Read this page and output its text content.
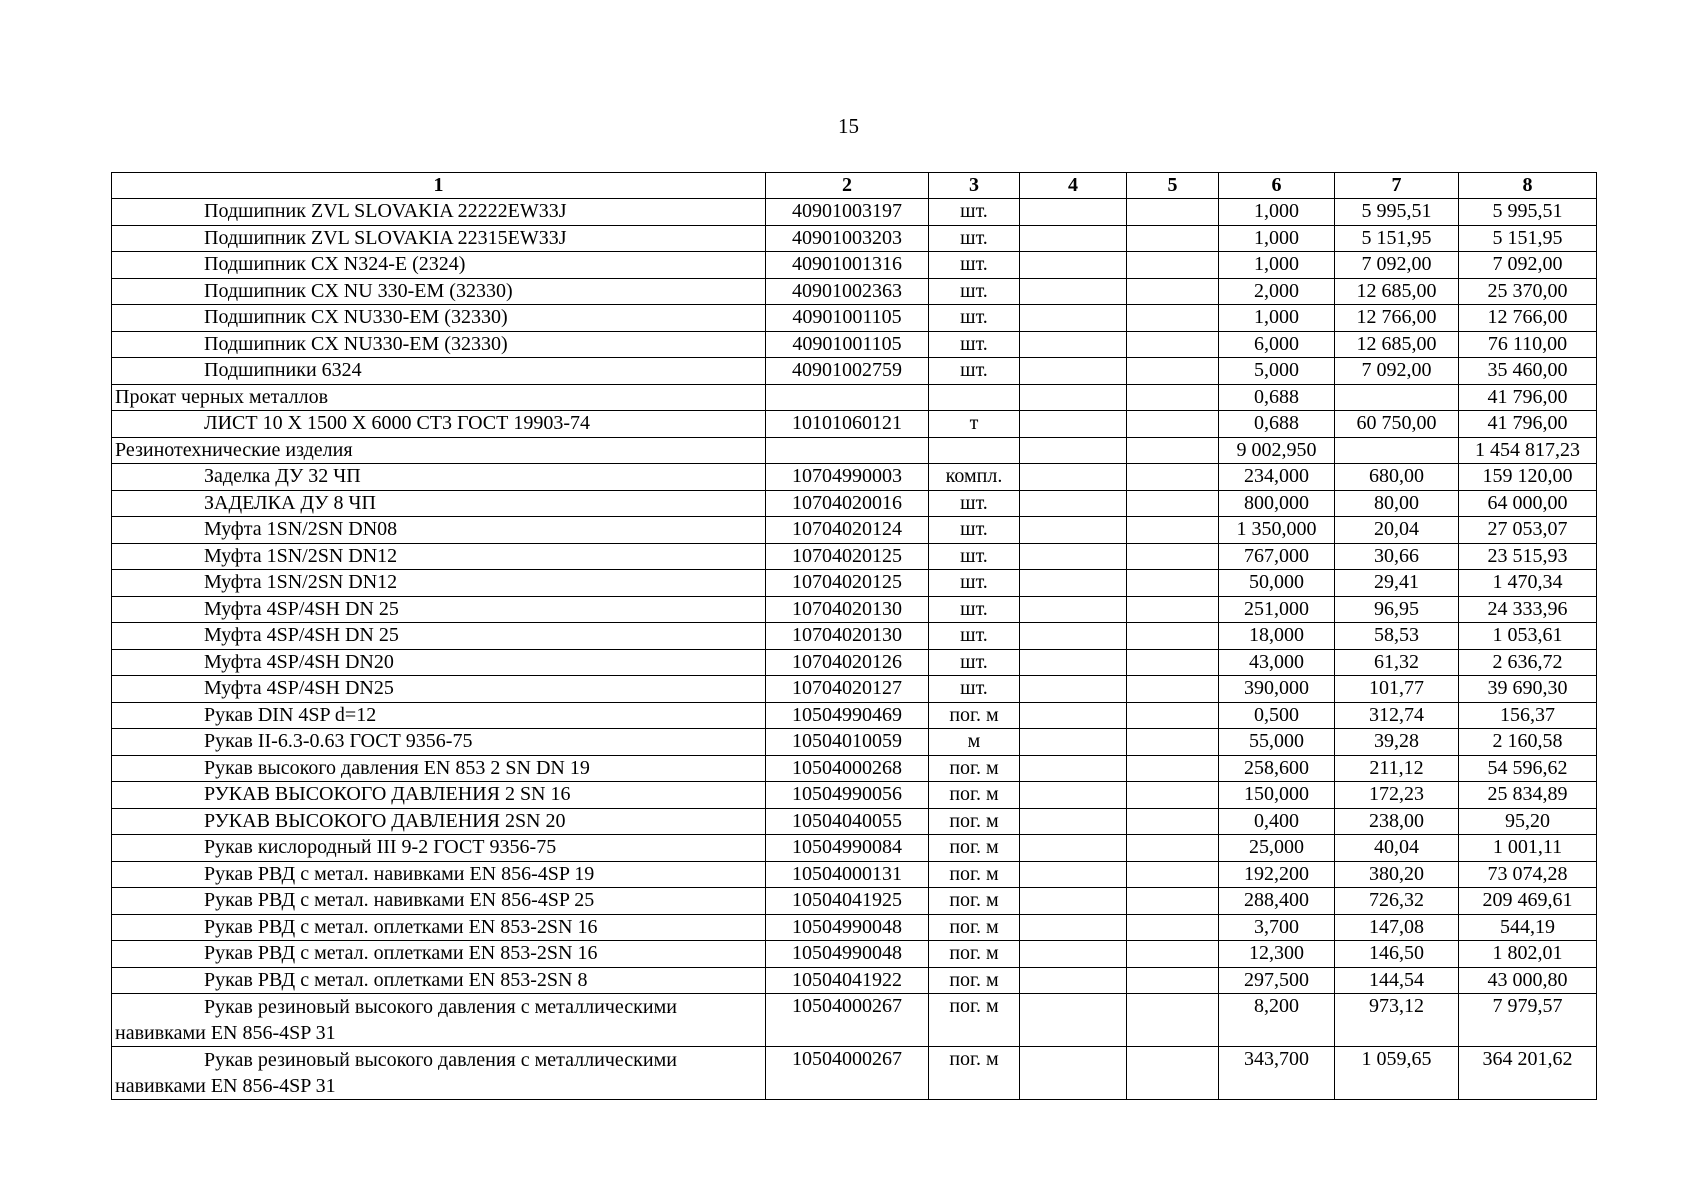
15
1	2	3	4	5	6	7	8
Подшипник ZVL SLOVAKIA 22222EW33J	40901003197	шт.			1,000	5 995,51	5 995,51
Подшипник ZVL SLOVAKIA 22315EW33J	40901003203	шт.			1,000	5 151,95	5 151,95
Подшипник CX N324-E (2324)	40901001316	шт.			1,000	7 092,00	7 092,00
Подшипник CX NU 330-EM (32330)	40901002363	шт.			2,000	12 685,00	25 370,00
Подшипник CX NU330-EM (32330)	40901001105	шт.			1,000	12 766,00	12 766,00
Подшипник CX NU330-EM (32330)	40901001105	шт.			6,000	12 685,00	76 110,00
Подшипники 6324	40901002759	шт.			5,000	7 092,00	35 460,00
Прокат черных металлов					0,688		41 796,00
ЛИСТ 10 Х 1500 Х 6000 СТ3 ГОСТ 19903-74	10101060121	т			0,688	60 750,00	41 796,00
Резинотехнические изделия					9 002,950		1 454 817,23
Заделка ДУ 32 ЧП	10704990003	компл.			234,000	680,00	159 120,00
ЗАДЕЛКА ДУ 8 ЧП	10704020016	шт.			800,000	80,00	64 000,00
Муфта 1SN/2SN DN08	10704020124	шт.			1 350,000	20,04	27 053,07
Муфта 1SN/2SN DN12	10704020125	шт.			767,000	30,66	23 515,93
Муфта 1SN/2SN DN12	10704020125	шт.			50,000	29,41	1 470,34
Муфта 4SP/4SH DN 25	10704020130	шт.			251,000	96,95	24 333,96
Муфта 4SP/4SH DN 25	10704020130	шт.			18,000	58,53	1 053,61
Муфта 4SP/4SH DN20	10704020126	шт.			43,000	61,32	2 636,72
Муфта 4SP/4SH DN25	10704020127	шт.			390,000	101,77	39 690,30
Рукав DIN 4SP d=12	10504990469	пог. м			0,500	312,74	156,37
Рукав II-6.3-0.63 ГОСТ 9356-75	10504010059	м			55,000	39,28	2 160,58
Рукав высокого давления EN 853 2 SN DN 19	10504000268	пог. м			258,600	211,12	54 596,62
РУКАВ ВЫСОКОГО ДАВЛЕНИЯ 2 SN 16	10504990056	пог. м			150,000	172,23	25 834,89
РУКАВ ВЫСОКОГО ДАВЛЕНИЯ 2SN 20	10504040055	пог. м			0,400	238,00	95,20
Рукав кислородный III 9-2 ГОСТ 9356-75	10504990084	пог. м			25,000	40,04	1 001,11
Рукав РВД с метал. навивками EN 856-4SP 19	10504000131	пог. м			192,200	380,20	73 074,28
Рукав РВД с метал. навивками EN 856-4SP 25	10504041925	пог. м			288,400	726,32	209 469,61
Рукав РВД с метал. оплетками EN 853-2SN 16	10504990048	пог. м			3,700	147,08	544,19
Рукав РВД с метал. оплетками EN 853-2SN 16	10504990048	пог. м			12,300	146,50	1 802,01
Рукав РВД с метал. оплетками EN 853-2SN 8	10504041922	пог. м			297,500	144,54	43 000,80

Рукав резиновый высокого давления с металлическими навивками EN 856-4SP 31	10504000267	пог. м			8,200	973,12	7 979,57

Рукав резиновый высокого давления с металлическими навивками EN 856-4SP 31	10504000267	пог. м			343,700	1 059,65	364 201,62
